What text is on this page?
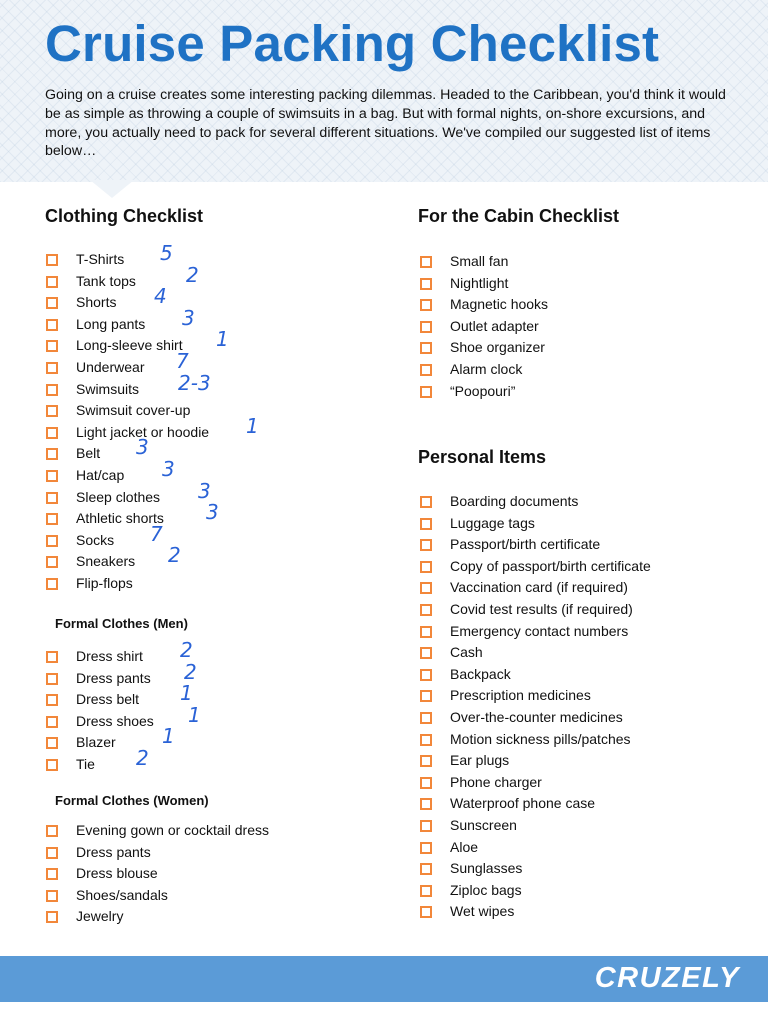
Cruise Packing Checklist

Going on a cruise creates some interesting packing dilemmas. Headed to the Caribbean, you'd think it would be as simple as throwing a couple of swimsuits in a bag. But with formal nights, on-shore excursions, and more, you actually need to pack for several different situations. We've compiled our suggested list of items below…

Clothing Checklist
T-Shirts 5
Tank tops	2
Shorts 4
Long pants 3
Long-sleeve shirt 1
Underwear 7
Swimsuits 2-3
Swimsuit cover-up
Light jacket or hoodie 1
Belt 3
Hat/cap 3
Sleep clothes 3
Athletic shorts 3
Socks 7
Sneakers 2
Flip-flops
Formal Clothes (Men)
Dress shirt 2
Dress pants 2
Dress belt 1
Dress shoes 1
Blazer 1
Tie 2
Formal Clothes (Women)
Evening gown or cocktail dress
Dress pants
Dress blouse
Shoes/sandals
Jewelry
For the Cabin Checklist
Small fan
Nightlight
Magnetic hooks
Outlet adapter
Shoe organizer
Alarm clock
“Poopouri”
Personal Items
Boarding documents
Luggage tags
Passport/birth certificate
Copy of passport/birth certificate
Vaccination card (if required)
Covid test results (if required)
Emergency contact numbers
Cash
Backpack
Prescription medicines
Over-the-counter medicines
Motion sickness pills/patches
Ear plugs
Phone charger
Waterproof phone case
Sunscreen
Aloe
Sunglasses
Ziploc bags
Wet wipes
CRUZELY
